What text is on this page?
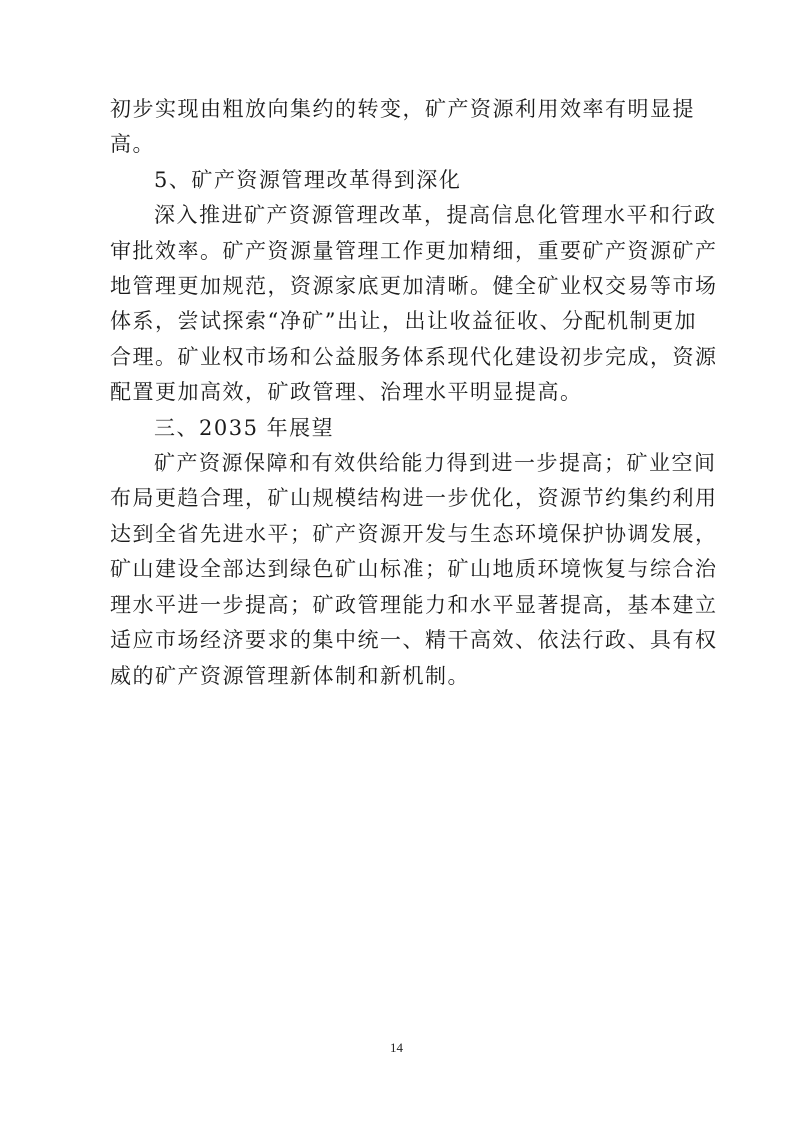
初步实现由粗放向集约的转变，矿产资源利用效率有明显提
高。

5、矿产资源管理改革得到深化

深入推进矿产资源管理改革，提高信息化管理水平和行政
审批效率。矿产资源量管理工作更加精细，重要矿产资源矿产
地管理更加规范，资源家底更加清晰。健全矿业权交易等市场
体系，尝试探索“净矿”出让，出让收益征收、分配机制更加
合理。矿业权市场和公益服务体系现代化建设初步完成，资源
配置更加高效，矿政管理、治理水平明显提高。

三、2035 年展望

矿产资源保障和有效供给能力得到进一步提高；矿业空间
布局更趋合理，矿山规模结构进一步优化，资源节约集约利用
达到全省先进水平；矿产资源开发与生态环境保护协调发展，
矿山建设全部达到绿色矿山标准；矿山地质环境恢复与综合治
理水平进一步提高；矿政管理能力和水平显著提高，基本建立
适应市场经济要求的集中统一、精干高效、依法行政、具有权
威的矿产资源管理新体制和新机制。

14
